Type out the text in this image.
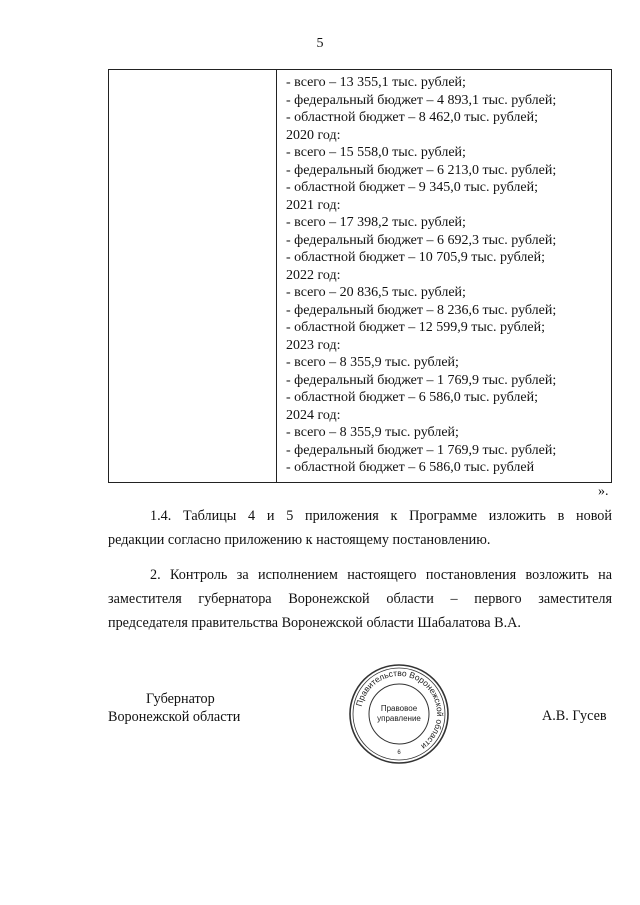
5
- всего – 13 355,1 тыс. рублей;
- федеральный бюджет – 4 893,1 тыс. рублей;
- областной бюджет – 8 462,0 тыс. рублей;
2020 год:
- всего – 15 558,0 тыс. рублей;
- федеральный бюджет – 6 213,0 тыс. рублей;
- областной бюджет – 9 345,0 тыс. рублей;
2021 год:
- всего – 17 398,2 тыс. рублей;
- федеральный бюджет – 6 692,3 тыс. рублей;
- областной бюджет – 10 705,9 тыс. рублей;
2022 год:
- всего – 20 836,5 тыс. рублей;
- федеральный бюджет – 8 236,6 тыс. рублей;
- областной бюджет – 12 599,9 тыс. рублей;
2023 год:
- всего – 8 355,9 тыс. рублей;
- федеральный бюджет – 1 769,9 тыс. рублей;
- областной бюджет – 6 586,0 тыс. рублей;
2024 год:
- всего – 8 355,9 тыс. рублей;
- федеральный бюджет – 1 769,9 тыс. рублей;
- областной бюджет – 6 586,0 тыс. рублей
».
1.4. Таблицы 4 и 5 приложения к Программе изложить в новой
редакции согласно приложению к настоящему постановлению.
2. Контроль за исполнением настоящего постановления возложить на
заместителя губернатора Воронежской области – первого заместителя
председателя правительства Воронежской области Шабалатова В.А.
Губернатор
Воронежской области
Правительство Воронежской области
Правовое
управление
6
А.В. Гусев
